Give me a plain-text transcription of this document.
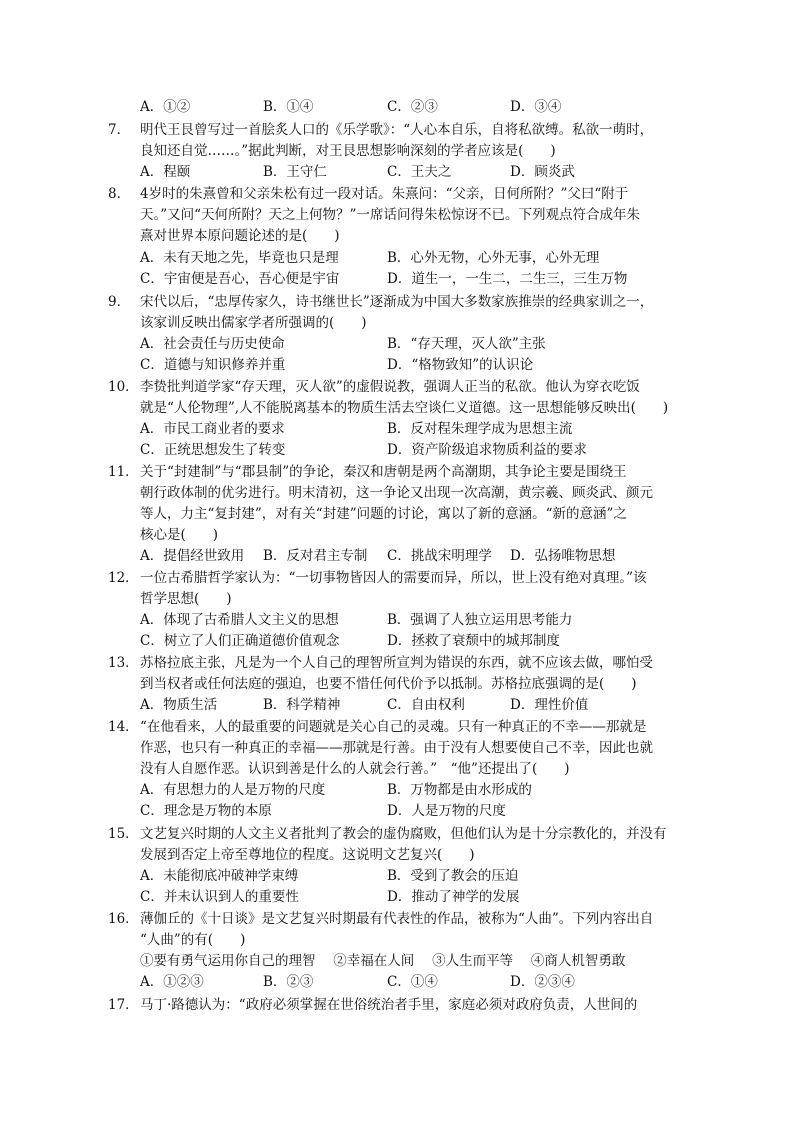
A．①②	B．①④	C．②③	D．③④
7． 明代王艮曾写过一首脍炙人口的《乐学歌》：“人心本自乐，自将私欲缚。私欲一萌时，
良知还自觉……。”据此判断，对王艮思想影响深刻的学者应该是(　　)
A．程颐	B．王守仁	C．王夫之	D．顾炎武
8． 4岁时的朱熹曾和父亲朱松有过一段对话。朱熹问：“父亲，日何所附？”父曰“附于
天。”又问“天何所附？天之上何物？”一席话问得朱松惊讶不已。下列观点符合成年朱
熹对世界本原问题论述的是(　　)
A．未有天地之先，毕竟也只是理	B．心外无物，心外无事，心外无理
C．宇宙便是吾心，吾心便是宇宙	D．道生一，一生二，二生三，三生万物
9． 宋代以后，“忠厚传家久，诗书继世长”逐渐成为中国大多数家族推崇的经典家训之一，
该家训反映出儒家学者所强调的(　　)
A．社会责任与历史使命	B．“存天理，灭人欲”主张
C．道德与知识修养并重	D．“格物致知”的认识论
10． 李贽批判道学家“存天理，灭人欲”的虚假说教，强调人正当的私欲。他认为穿衣吃饭
就是“人伦物理”,人不能脱离基本的物质生活去空谈仁义道德。这一思想能够反映出(　　)
A．市民工商业者的要求	B．反对程朱理学成为思想主流
C．正统思想发生了转变	D．资产阶级追求物质利益的要求
11． 关于“封建制”与“郡县制”的争论，秦汉和唐朝是两个高潮期，其争论主要是围绕王
朝行政体制的优劣进行。明末清初，这一争论又出现一次高潮，黄宗羲、顾炎武、颜元
等人，力主“复封建”，对有关“封建”问题的讨论，寓以了新的意涵。“新的意涵”之
核心是(　　)
A．提倡经世致用 B．反对君主专制 C．挑战宋明理学 D．弘扬唯物思想
12． 一位古希腊哲学家认为：“一切事物皆因人的需要而异，所以，世上没有绝对真理。”该
哲学思想(　　)
A．体现了古希腊人文主义的思想	B．强调了人独立运用思考能力
C．树立了人们正确道德价值观念	D．拯救了衰颓中的城邦制度
13． 苏格拉底主张，凡是为一个人自己的理智所宣判为错误的东西，就不应该去做，哪怕受
到当权者或任何法庭的强迫，也要不惜任何代价予以抵制。苏格拉底强调的是(　　)
A．物质生活	B．科学精神	C．自由权利	D．理性价值
14． “在他看来，人的最重要的问题就是关心自己的灵魂。只有一种真正的不幸——那就是
作恶，也只有一种真正的幸福——那就是行善。由于没有人想要使自己不幸，因此也就
没有人自愿作恶。认识到善是什么的人就会行善。”　“他”还提出了(　　)
A．有思想力的人是万物的尺度	B．万物都是由水形成的
C．理念是万物的本原	D．人是万物的尺度
15． 文艺复兴时期的人文主义者批判了教会的虚伪腐败，但他们认为是十分宗教化的，并没有
发展到否定上帝至尊地位的程度。这说明文艺复兴(　　)
A．未能彻底冲破神学束缚	B．受到了教会的压迫
C．并未认识到人的重要性	D．推动了神学的发展
16． 薄伽丘的《十日谈》是文艺复兴时期最有代表性的作品，被称为“人曲”。下列内容出自
“人曲”的有(　　)
①要有勇气运用你自己的理智　 ②幸福在人间　 ③人生而平等　 ④商人机智勇敢
A．①②③	B．②③	C．①④	D．②③④
17． 马丁·路德认为：“政府必须掌握在世俗统治者手里，家庭必须对政府负责，人世间的
